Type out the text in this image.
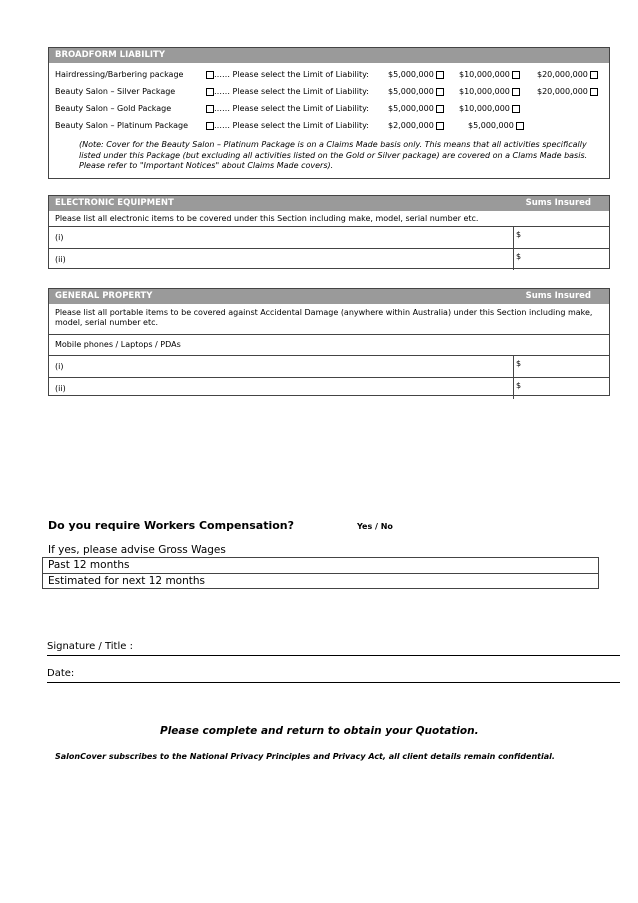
BROADFORM LIABILITY
Hairdressing/Barbering package	…… Please select the Limit of Liability: $5,000,000	$10,000,000	$20,000,000
Beauty Salon – Silver Package	…… Please select the Limit of Liability: $5,000,000	$10,000,000	$20,000,000
Beauty Salon – Gold Package	…… Please select the Limit of Liability: $5,000,000	$10,000,000
Beauty Salon – Platinum Package	…… Please select the Limit of Liability: $2,000,000	$5,000,000
(Note: Cover for the Beauty Salon – Platinum Package is on a Claims Made basis only. This means that all activities specifically listed under this Package (but excluding all activities listed on the Gold or Silver package) are covered on a Clams Made basis. Please refer to "Important Notices" about Claims Made covers).
ELECTRONIC EQUIPMENT	Sums Insured
Please list all electronic items to be covered under this Section including make, model, serial number etc.
(i)	$
(ii)	$
GENERAL PROPERTY	Sums Insured
Please list all portable items to be covered against Accidental Damage (anywhere within Australia) under this Section including make, model, serial number etc.
Mobile phones / Laptops / PDAs
(i)	$
(ii)	$
Do you require Workers Compensation?	Yes / No
If yes, please advise Gross Wages
Past 12 months
Estimated for next 12 months
Signature / Title :
Date:
Please complete and return to obtain your Quotation.
SalonCover subscribes to the National Privacy Principles and Privacy Act, all client details remain confidential.
